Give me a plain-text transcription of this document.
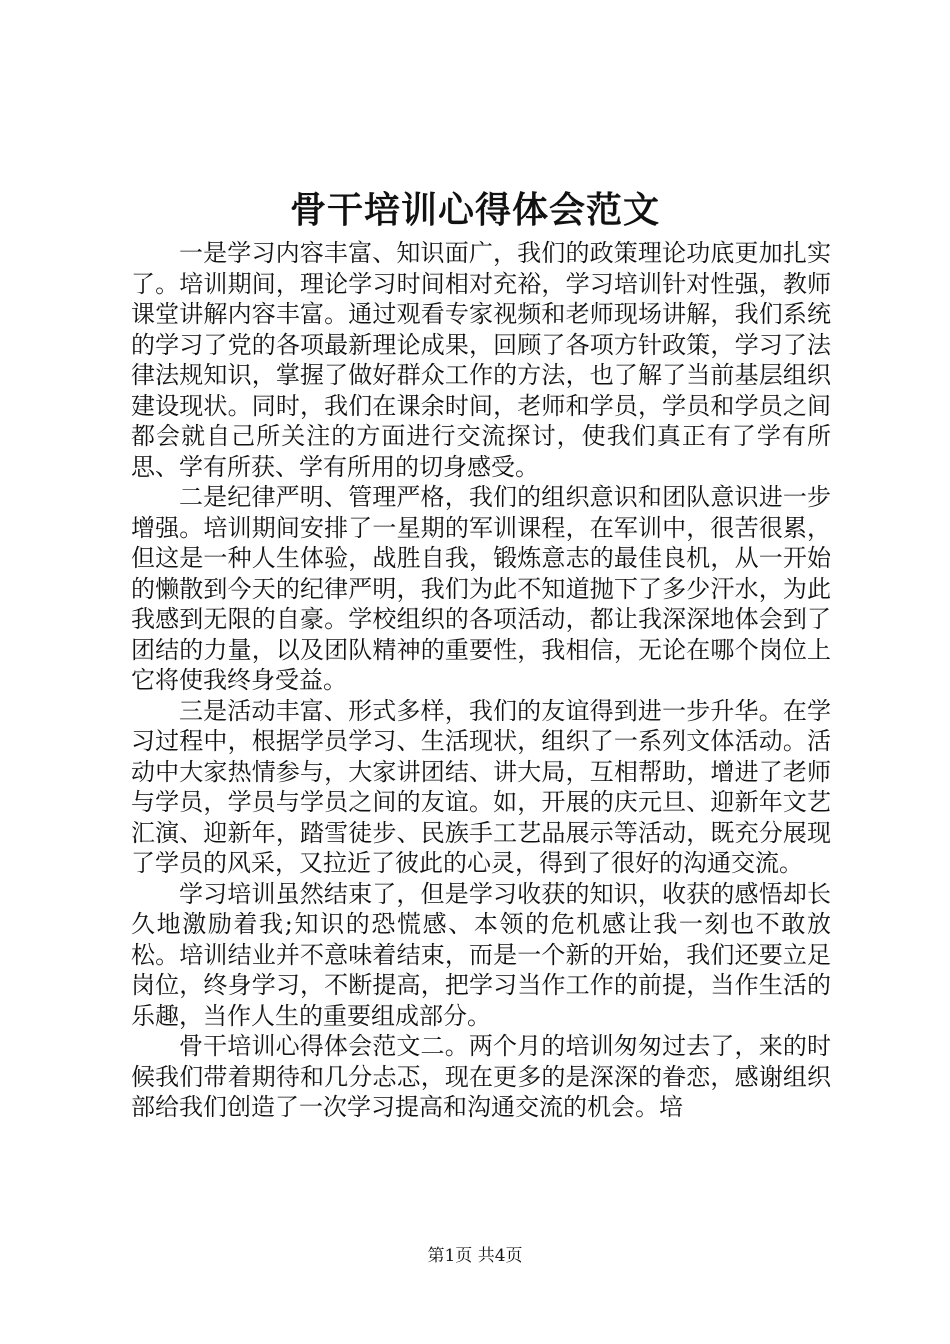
骨干培训心得体会范文

一是学习内容丰富、知识面广，我们的政策理论功底更加扎实了。培训期间，理论学习时间相对充裕，学习培训针对性强，教师课堂讲解内容丰富。通过观看专家视频和老师现场讲解，我们系统的学习了党的各项最新理论成果，回顾了各项方针政策，学习了法律法规知识，掌握了做好群众工作的方法，也了解了当前基层组织建设现状。同时，我们在课余时间，老师和学员，学员和学员之间都会就自己所关注的方面进行交流探讨，使我们真正有了学有所思、学有所获、学有所用的切身感受。

二是纪律严明、管理严格，我们的组织意识和团队意识进一步增强。培训期间安排了一星期的军训课程，在军训中，很苦很累，但这是一种人生体验，战胜自我，锻炼意志的最佳良机，从一开始的懒散到今天的纪律严明，我们为此不知道抛下了多少汗水，为此我感到无限的自豪。学校组织的各项活动，都让我深深地体会到了团结的力量，以及团队精神的重要性，我相信，无论在哪个岗位上它将使我终身受益。

三是活动丰富、形式多样，我们的友谊得到进一步升华。在学习过程中，根据学员学习、生活现状，组织了一系列文体活动。活动中大家热情参与，大家讲团结、讲大局，互相帮助，增进了老师与学员，学员与学员之间的友谊。如，开展的庆元旦、迎新年文艺汇演、迎新年，踏雪徒步、民族手工艺品展示等活动，既充分展现了学员的风采，又拉近了彼此的心灵，得到了很好的沟通交流。

学习培训虽然结束了，但是学习收获的知识，收获的感悟却长久地激励着我;知识的恐慌感、本领的危机感让我一刻也不敢放松。培训结业并不意味着结束，而是一个新的开始，我们还要立足岗位，终身学习，不断提高，把学习当作工作的前提，当作生活的乐趣，当作人生的重要组成部分。

骨干培训心得体会范文二。两个月的培训匆匆过去了，来的时候我们带着期待和几分忐忑，现在更多的是深深的眷恋，感谢组织部给我们创造了一次学习提高和沟通交流的机会。培

第1页 共4页
